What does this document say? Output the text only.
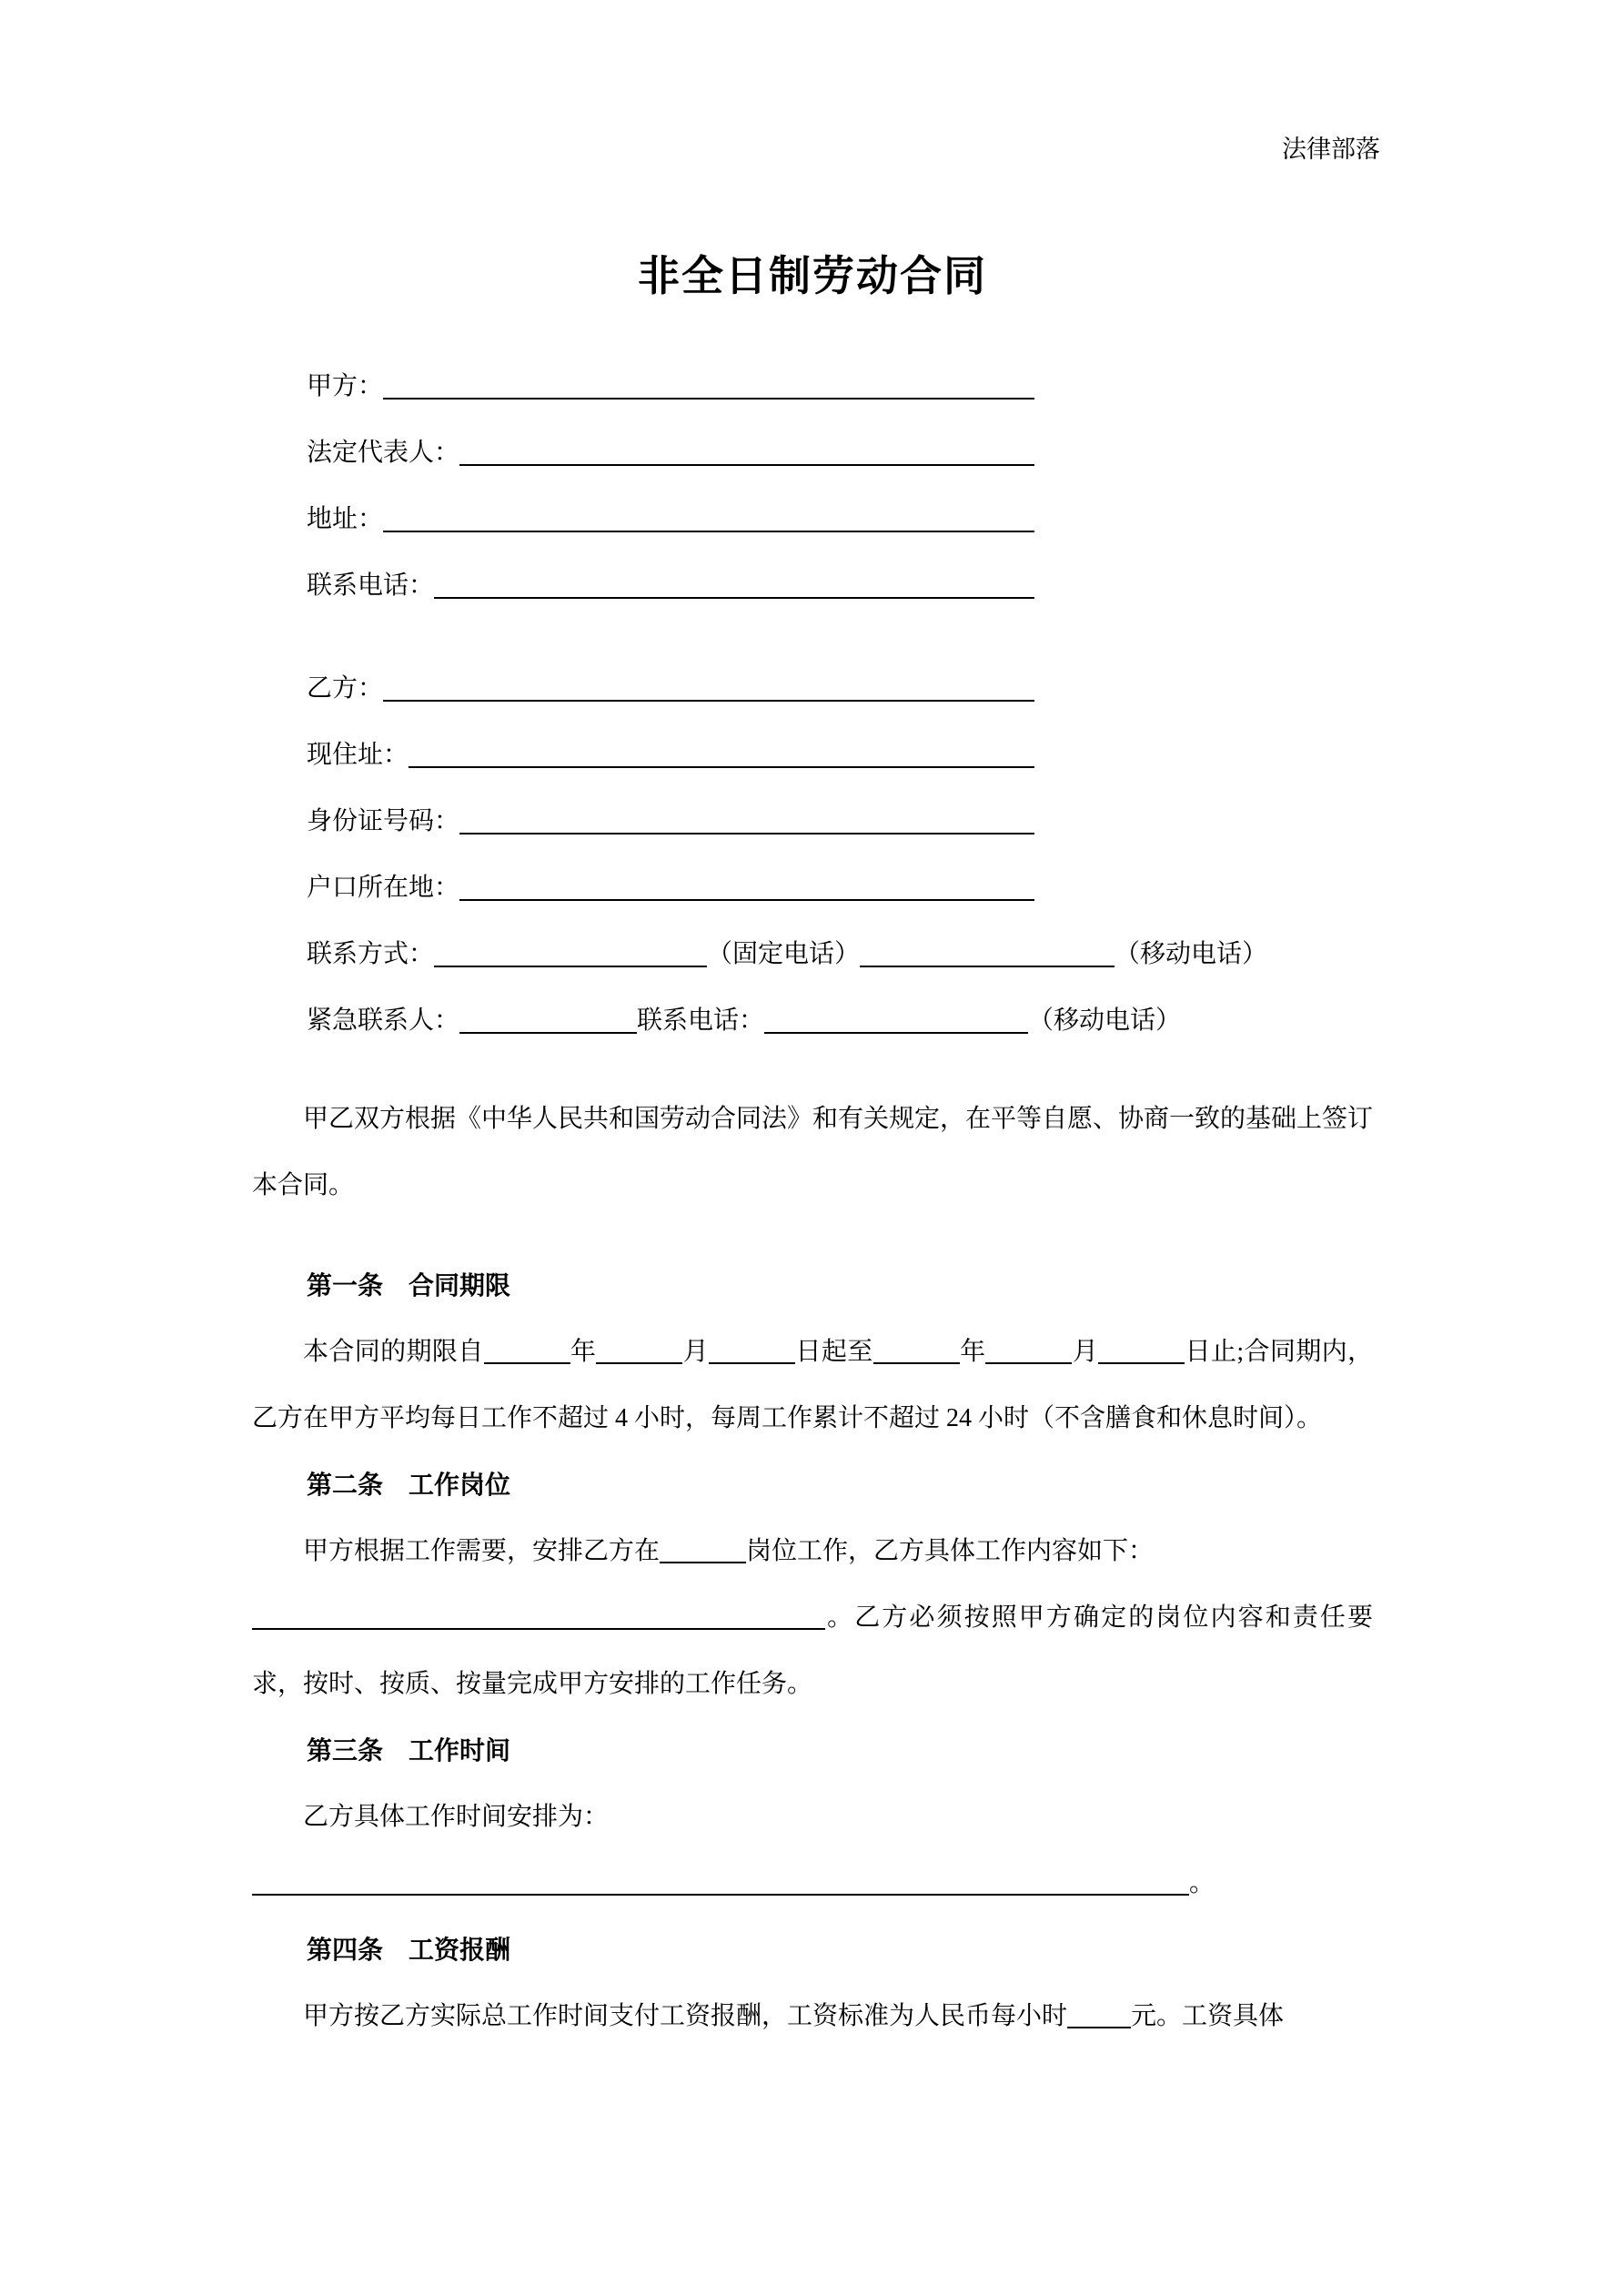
法律部落
非全日制劳动合同
甲方：
法定代表人：
地址：
联系电话：
乙方：
现住址：
身份证号码：
户口所在地：
联系方式：	（固定电话）	（移动电话）
紧急联系人：	联系电话：	（移动电话）

甲乙双方根据《中华人民共和国劳动合同法》和有关规定，在平等自愿、协商一致的基础上签订本合同。

第一条　合同期限

本合同的期限自	年	月	日起至	年	月	日止;合同期内，乙方在甲方平均每日工作不超过 4 小时，每周工作累计不超过 24 小时（不含膳食和休息时间）。

第二条　工作岗位

甲方根据工作需要，安排乙方在	岗位工作，乙方具体工作内容如下：

。乙方必须按照甲方确定的岗位内容和责任要求，按时、按质、按量完成甲方安排的工作任务。

第三条　工作时间

乙方具体工作时间安排为：

。

第四条　工资报酬

甲方按乙方实际总工作时间支付工资报酬，工资标准为人民币每小时	元。工资具体
